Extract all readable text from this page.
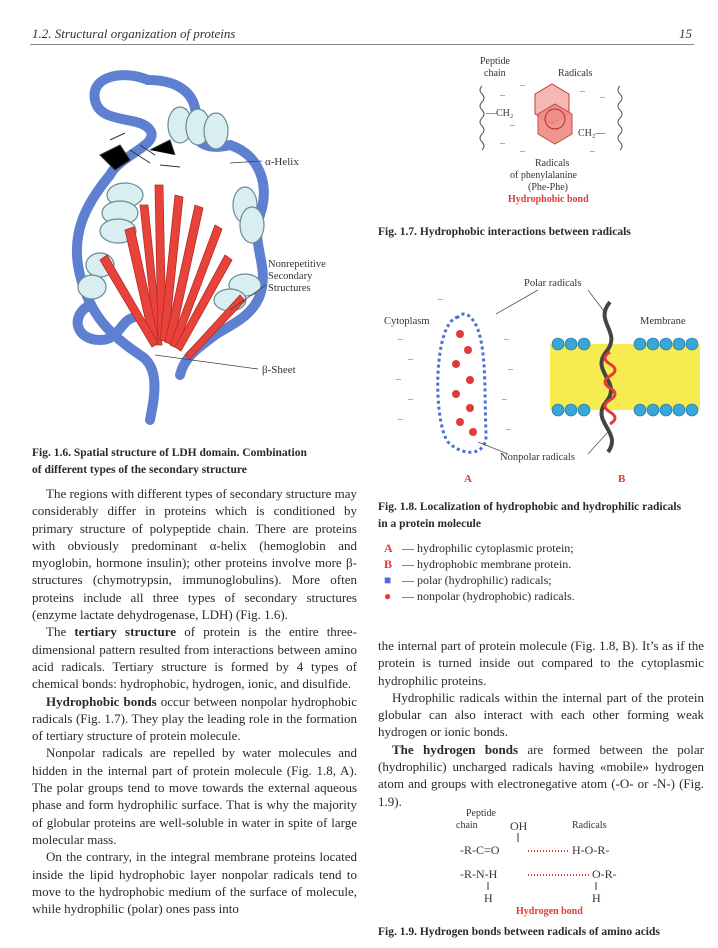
1.2. Structural organization of proteins	15
α-Helix
Nonrepetitive
Secondary
Structures
β-Sheet
Fig. 1.6. Spatial structure of LDH domain. Combination
of different types of the secondary structure

The regions with different types of secondary structure may considerably differ in proteins which is conditioned by primary structure of polypeptide chain. There are proteins with obviously predominant α-helix (hemoglobin and myoglobin, hormone insulin); other proteins involve more β-structures (chymotrypsin, immunoglobulins). More often proteins include all three types of secondary structures (enzyme lactate dehydrogenase, LDH) (Fig. 1.6).

The tertiary structure of protein is the entire three-dimensional pattern resulted from interactions between amino acid radicals. Tertiary structure is formed by 4 types of chemical bonds: hydrophobic, hydrogen, ionic, and disulfide.

Hydrophobic bonds occur between nonpolar hydrophobic radicals (Fig. 1.7). They play the leading role in the formation of tertiary structure of protein molecule.

Nonpolar radicals are repelled by water molecules and hidden in the internal part of protein molecule (Fig. 1.8, A). The polar groups tend to move towards the external aqueous phase and form hydrophilic surface. That is why the majority of globular proteins are well-soluble in water in spite of large molecular mass.

On the contrary, in the integral membrane proteins located inside the lipid hydrophobic layer nonpolar radicals tend to move to the hydrophobic medium of the surface of molecule, while hydrophilic (polar) ones pass into

Peptide
chain	Radicals
—CH₂
CH₂—
–
–
–
–
–
–	–
–
Radicals
of phenylalanine
(Phe-Phe)
Hydrophobic bond
Fig. 1.7. Hydrophobic interactions between radicals
Polar radicals
Cytoplasm	Membrane
–
–
–
–
–
–
–
–
–
–
Nonpolar radicals
A	B
Fig. 1.8. Localization of hydrophobic and hydrophilic radicals
in a protein molecule
A — hydrophilic cytoplasmic protein;
B — hydrophobic membrane protein.
■ — polar (hydrophilic) radicals;
● — nonpolar (hydrophobic) radicals.

the internal part of protein molecule (Fig. 1.8, B). It’s as if the protein is turned inside out compared to the cytoplasmic hydrophilic proteins.

Hydrophilic radicals within the internal part of the protein globular can also interact with each other forming weak hydrogen or ionic bonds.

The hydrogen bonds are formed between the polar (hydrophilic) uncharged radicals having «mobile» hydrogen atom and groups with electronegative atom (-O- or -N-) (Fig. 1.9).

Peptide
chain	OH	Radicals
-R-C=O	H-O-R-
-R-N-H	O-R-
H	H
Hydrogen bond
Fig. 1.9. Hydrogen bonds between radicals of amino acids
